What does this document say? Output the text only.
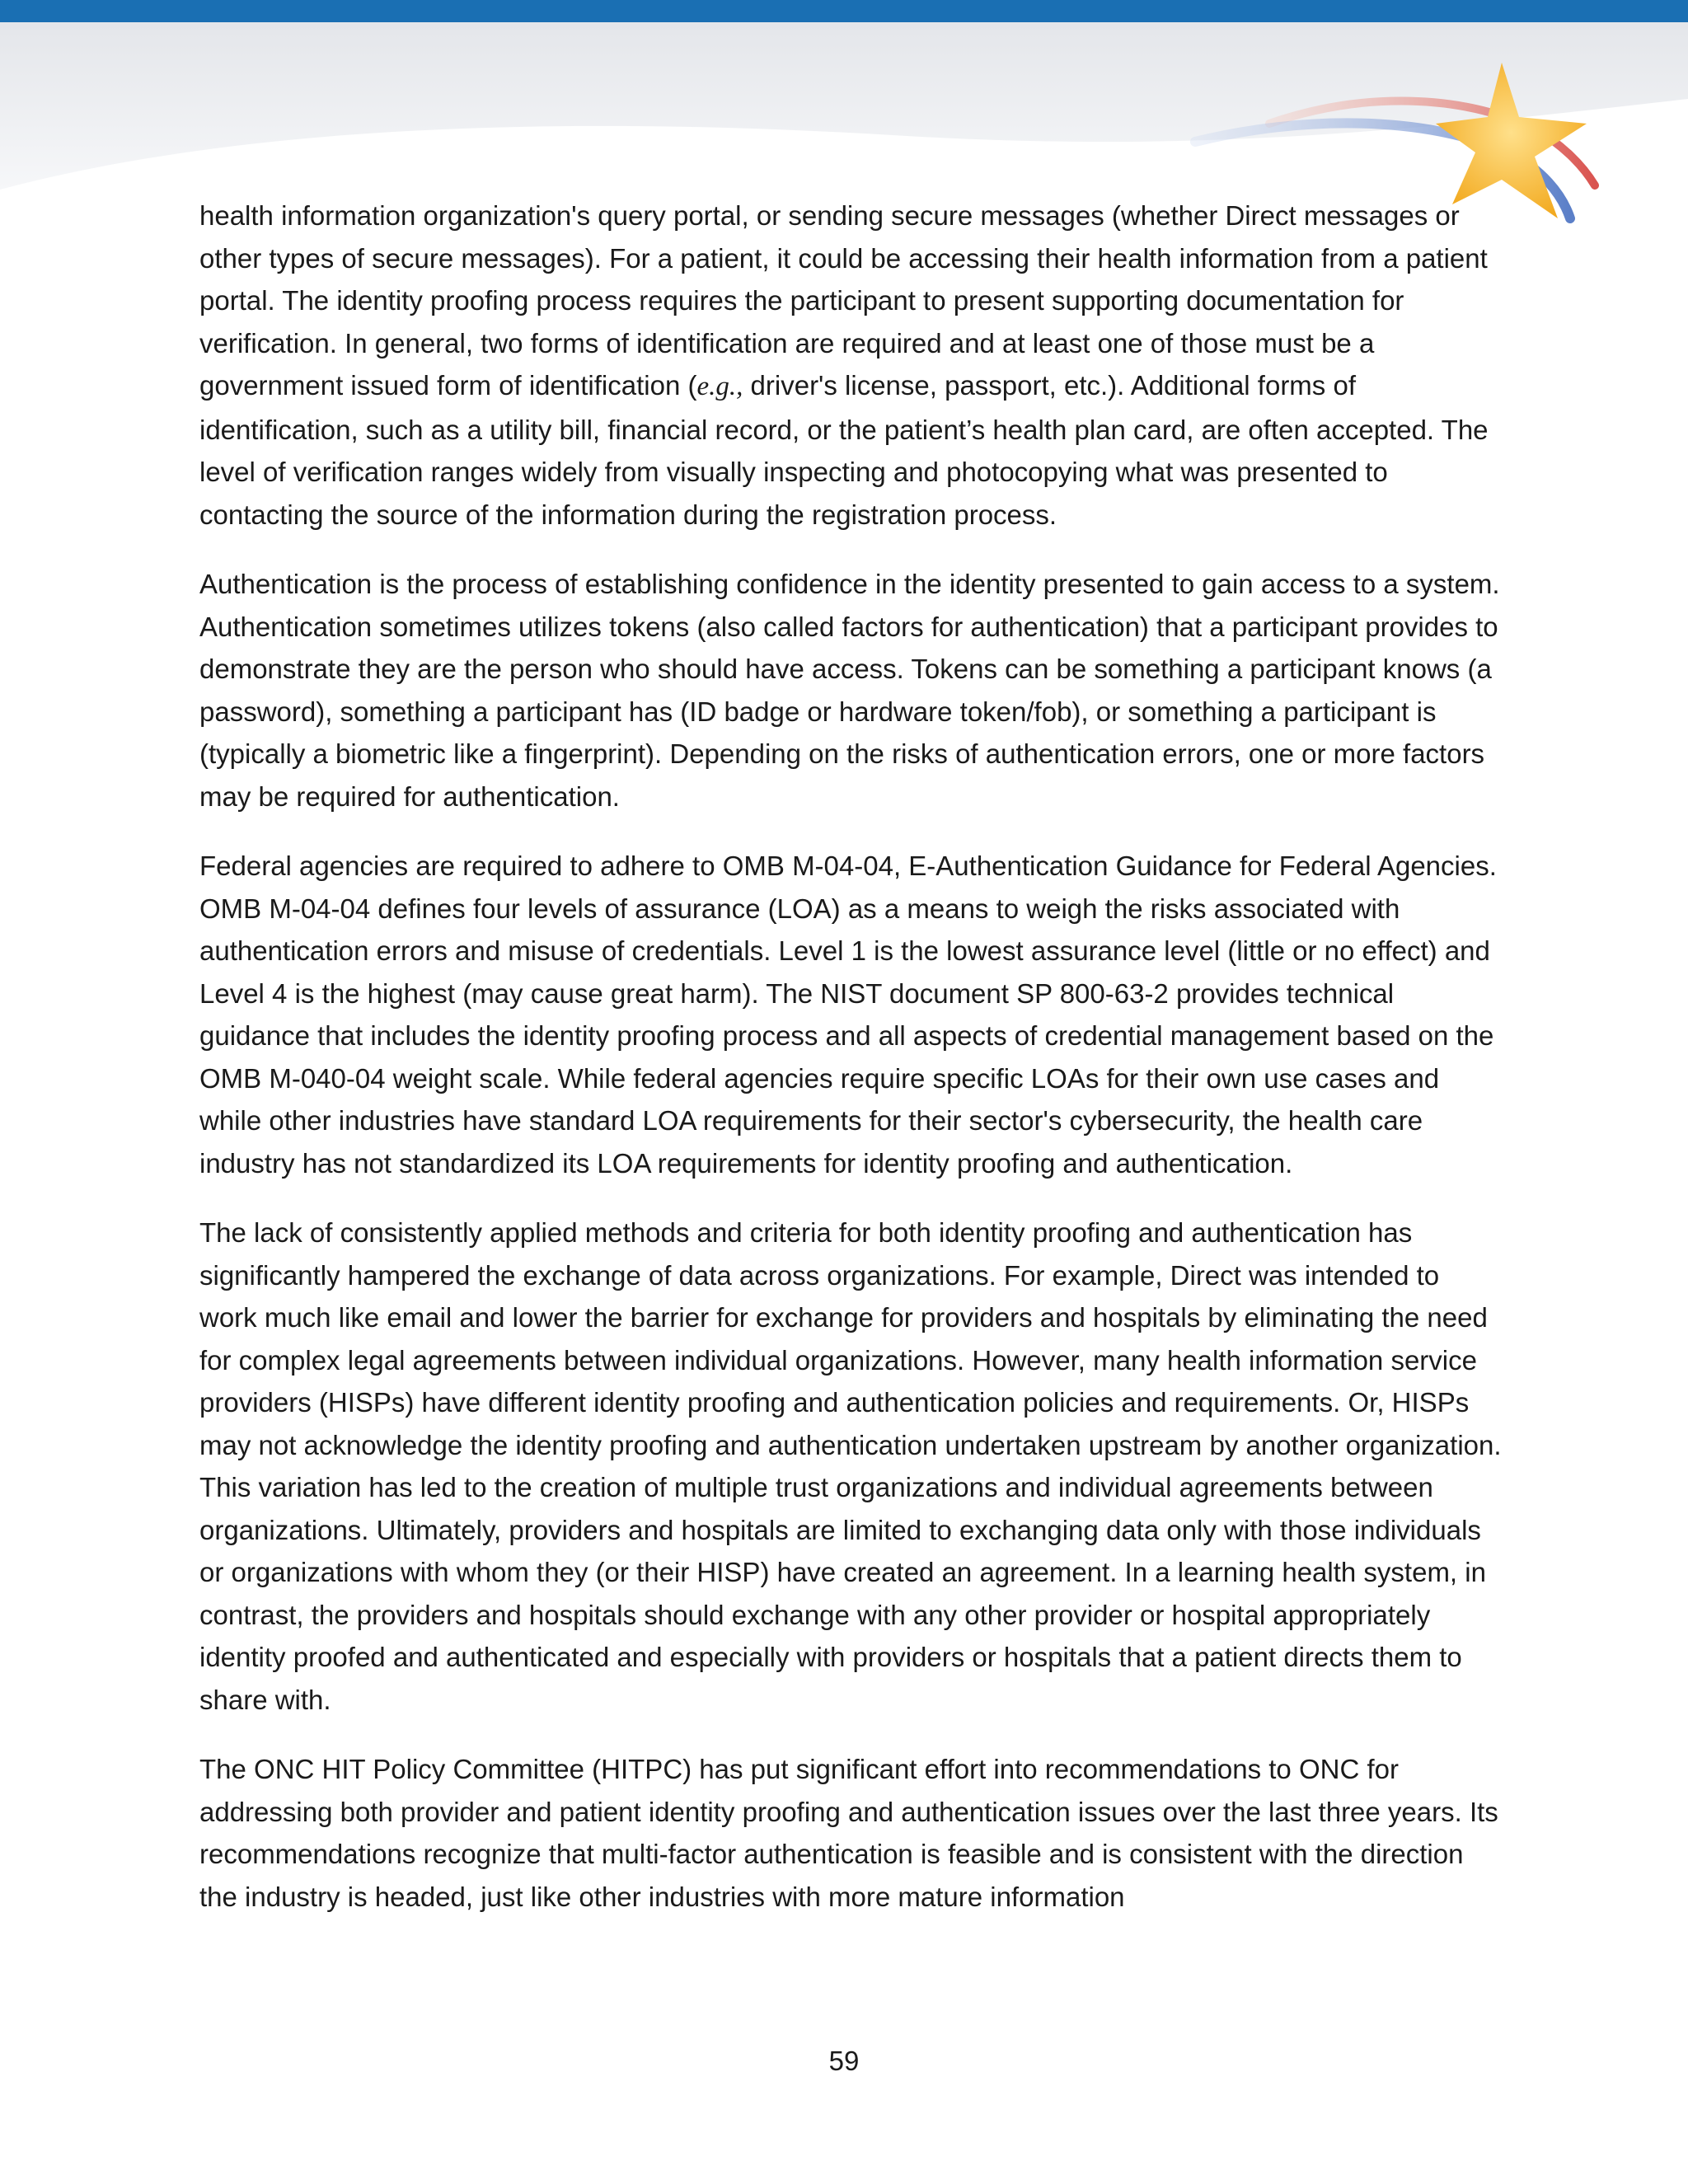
health information organization's query portal, or sending secure messages (whether Direct messages or other types of secure messages). For a patient, it could be accessing their health information from a patient portal. The identity proofing process requires the participant to present supporting documentation for verification. In general, two forms of identification are required and at least one of those must be a government issued form of identification (e.g., driver's license, passport, etc.). Additional forms of identification, such as a utility bill, financial record, or the patient’s health plan card, are often accepted. The level of verification ranges widely from visually inspecting and photocopying what was presented to contacting the source of the information during the registration process.

Authentication is the process of establishing confidence in the identity presented to gain access to a system. Authentication sometimes utilizes tokens (also called factors for authentication) that a participant provides to demonstrate they are the person who should have access. Tokens can be something a participant knows (a password), something a participant has (ID badge or hardware token/fob), or something a participant is (typically a biometric like a fingerprint). Depending on the risks of authentication errors, one or more factors may be required for authentication.

Federal agencies are required to adhere to OMB M-04-04, E-Authentication Guidance for Federal Agencies. OMB M-04-04 defines four levels of assurance (LOA) as a means to weigh the risks associated with authentication errors and misuse of credentials. Level 1 is the lowest assurance level (little or no effect) and Level 4 is the highest (may cause great harm). The NIST document SP 800-63-2 provides technical guidance that includes the identity proofing process and all aspects of credential management based on the OMB M-040-04 weight scale. While federal agencies require specific LOAs for their own use cases and while other industries have standard LOA requirements for their sector's cybersecurity, the health care industry has not standardized its LOA requirements for identity proofing and authentication.

The lack of consistently applied methods and criteria for both identity proofing and authentication has significantly hampered the exchange of data across organizations. For example, Direct was intended to work much like email and lower the barrier for exchange for providers and hospitals by eliminating the need for complex legal agreements between individual organizations. However, many health information service providers (HISPs) have different identity proofing and authentication policies and requirements. Or, HISPs may not acknowledge the identity proofing and authentication undertaken upstream by another organization. This variation has led to the creation of multiple trust organizations and individual agreements between organizations. Ultimately, providers and hospitals are limited to exchanging data only with those individuals or organizations with whom they (or their HISP) have created an agreement. In a learning health system, in contrast, the providers and hospitals should exchange with any other provider or hospital appropriately identity proofed and authenticated and especially with providers or hospitals that a patient directs them to share with.

The ONC HIT Policy Committee (HITPC) has put significant effort into recommendations to ONC for addressing both provider and patient identity proofing and authentication issues over the last three years. Its recommendations recognize that multi-factor authentication is feasible and is consistent with the direction the industry is headed, just like other industries with more mature information

59
